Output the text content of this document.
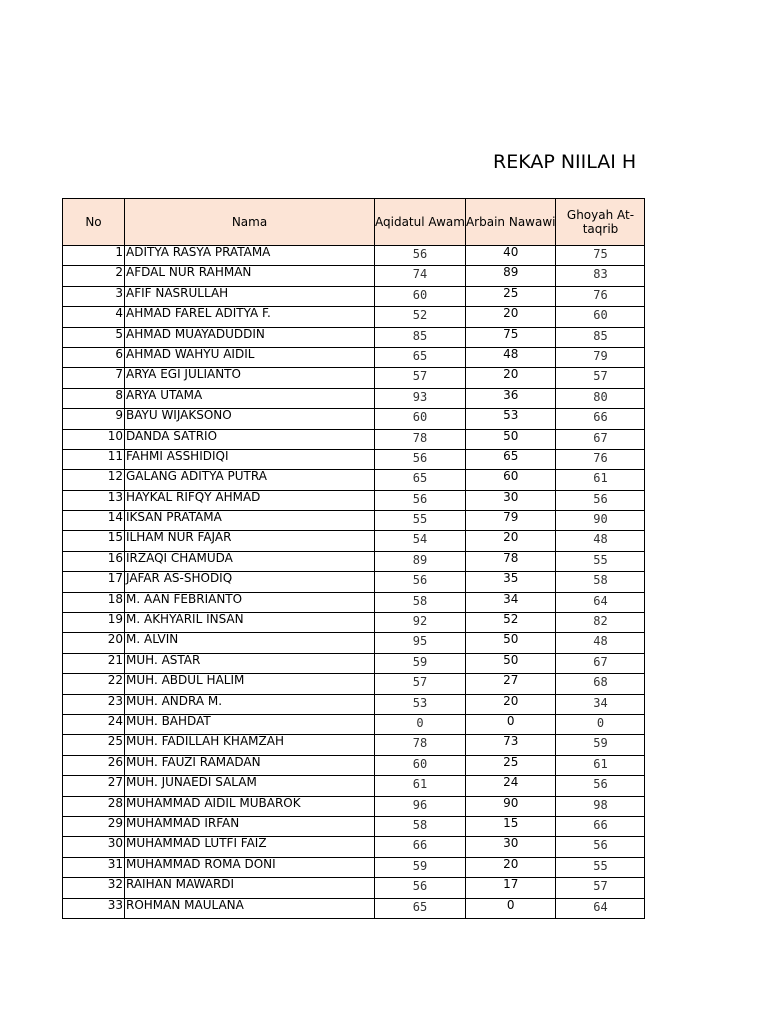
REKAP NIILAI H
No	Nama	Aqidatul Awam	Arbain Nawawi	Ghoyah At-taqrib
1	ADITYA RASYA PRATAMA	56	40	75
2	AFDAL NUR RAHMAN	74	89	83
3	AFIF NASRULLAH	60	25	76
4	AHMAD FAREL ADITYA F.	52	20	60
5	AHMAD MUAYADUDDIN	85	75	85
6	AHMAD WAHYU AIDIL	65	48	79
7	ARYA EGI JULIANTO	57	20	57
8	ARYA UTAMA	93	36	80
9	BAYU WIJAKSONO	60	53	66
10	DANDA SATRIO	78	50	67
11	FAHMI ASSHIDIQI	56	65	76
12	GALANG ADITYA PUTRA	65	60	61
13	HAYKAL RIFQY AHMAD	56	30	56
14	IKSAN PRATAMA	55	79	90
15	ILHAM NUR FAJAR	54	20	48
16	IRZAQI CHAMUDA	89	78	55
17	JAFAR AS-SHODIQ	56	35	58
18	M. AAN FEBRIANTO	58	34	64
19	M. AKHYARIL INSAN	92	52	82
20	M. ALVIN	95	50	48
21	MUH. ASTAR	59	50	67
22	MUH. ABDUL HALIM	57	27	68
23	MUH. ANDRA M.	53	20	34
24	MUH. BAHDAT	0	0	0
25	MUH. FADILLAH KHAMZAH	78	73	59
26	MUH. FAUZI RAMADAN	60	25	61
27	MUH. JUNAEDI SALAM	61	24	56
28	MUHAMMAD AIDIL MUBAROK	96	90	98
29	MUHAMMAD IRFAN	58	15	66
30	MUHAMMAD LUTFI FAIZ	66	30	56
31	MUHAMMAD ROMA DONI	59	20	55
32	RAIHAN MAWARDI	56	17	57
33	ROHMAN MAULANA	65	0	64
